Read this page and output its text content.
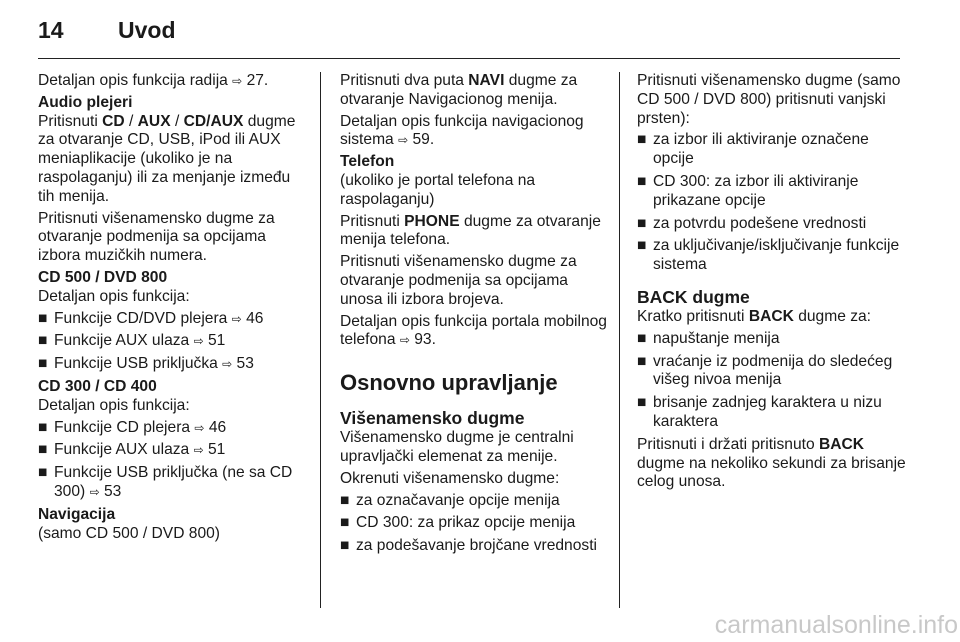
14 Uvod

Detaljan opis funkcija radija ⇨ 27.

Audio plejeri

Pritisnuti CD / AUX / CD/AUX dugme za otvaranje CD, USB, iPod ili AUX meniaplikacije (ukoliko je na raspolaganju) ili za menjanje između tih menija.

Pritisnuti višenamensko dugme za otvaranje podmenija sa opcijama izbora muzičkih numera.

CD 500 / DVD 800

Detaljan opis funkcija:

■ Funkcije CD/DVD plejera ⇨ 46
■ Funkcije AUX ulaza ⇨ 51
■ Funkcije USB priključka ⇨ 53

CD 300 / CD 400

Detaljan opis funkcija:

■ Funkcije CD plejera ⇨ 46
■ Funkcije AUX ulaza ⇨ 51
■ Funkcije USB priključka (ne sa CD 300) ⇨ 53

Navigacija

(samo CD 500 / DVD 800)

Pritisnuti dva puta NAVI dugme za otvaranje Navigacionog menija.

Detaljan opis funkcija navigacionog sistema ⇨ 59.

Telefon

(ukoliko je portal telefona na raspolaganju)

Pritisnuti PHONE dugme za otvaranje menija telefona.

Pritisnuti višenamensko dugme za otvaranje podmenija sa opcijama unosa ili izbora brojeva.

Detaljan opis funkcija portala mobilnog telefona ⇨ 93.

Osnovno upravljanje

Višenamensko dugme

Višenamensko dugme je centralni upravljački elemenat za menije.

Okrenuti višenamensko dugme:

■ za označavanje opcije menija
■ CD 300: za prikaz opcije menija
■ za podešavanje brojčane vrednosti

Pritisnuti višenamensko dugme (samo CD 500 / DVD 800) pritisnuti vanjski prsten):

■ za izbor ili aktiviranje označene opcije
■ CD 300: za izbor ili aktiviranje prikazane opcije
■ za potvrdu podešene vrednosti
■ za uključivanje/isključivanje funkcije sistema

BACK dugme

Kratko pritisnuti BACK dugme za:

■ napuštanje menija
■ vraćanje iz podmenija do sledećeg višeg nivoa menija
■ brisanje zadnjeg karaktera u nizu karaktera

Pritisnuti i držati pritisnuto BACK dugme na nekoliko sekundi za brisanje celog unosa.

carmanualsonline.info
